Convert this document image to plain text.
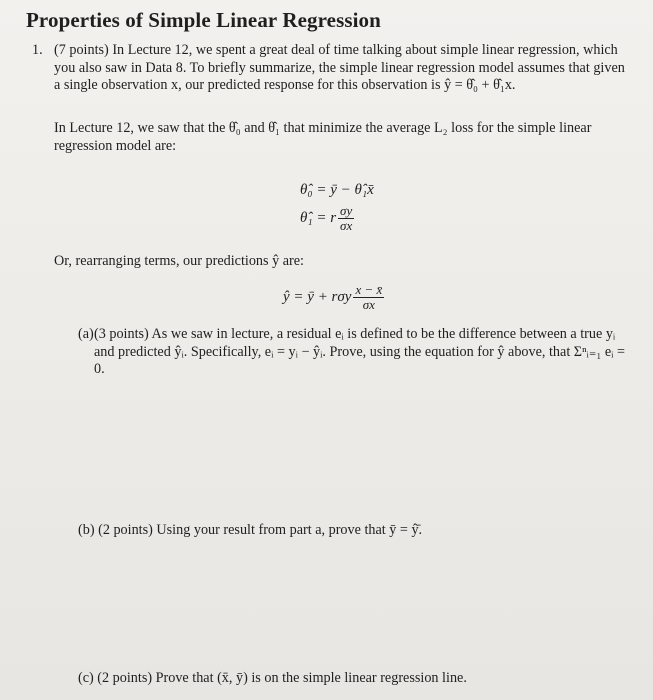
Properties of Simple Linear Regression
1. (7 points) In Lecture 12, we spent a great deal of time talking about simple linear regression, which you also saw in Data 8. To briefly summarize, the simple linear regression model assumes that given a single observation x, our predicted response for this observation is ŷ = θ̂₀ + θ̂₁x.
In Lecture 12, we saw that the θ̂₀ and θ̂₁ that minimize the average L₂ loss for the simple linear regression model are:
θ̂₀ = ȳ − θ̂₁x̄
θ̂₁ = r $\frac{\sigma y}{\sigma x}$
Or, rearranging terms, our predictions ŷ are:
ŷ = ȳ + rσy $\frac{x - x̄}{\sigma x}$
(a) (3 points) As we saw in lecture, a residual eᵢ is defined to be the difference between a true yᵢ and predicted ŷᵢ. Specifically, eᵢ = yᵢ − ŷᵢ. Prove, using the equation for ŷ above, that Σⁿᵢ₌₁ eᵢ = 0.
(b) (2 points) Using your result from part a, prove that ȳ = ŷ̄.
(c) (2 points) Prove that (x̄, ȳ) is on the simple linear regression line.
